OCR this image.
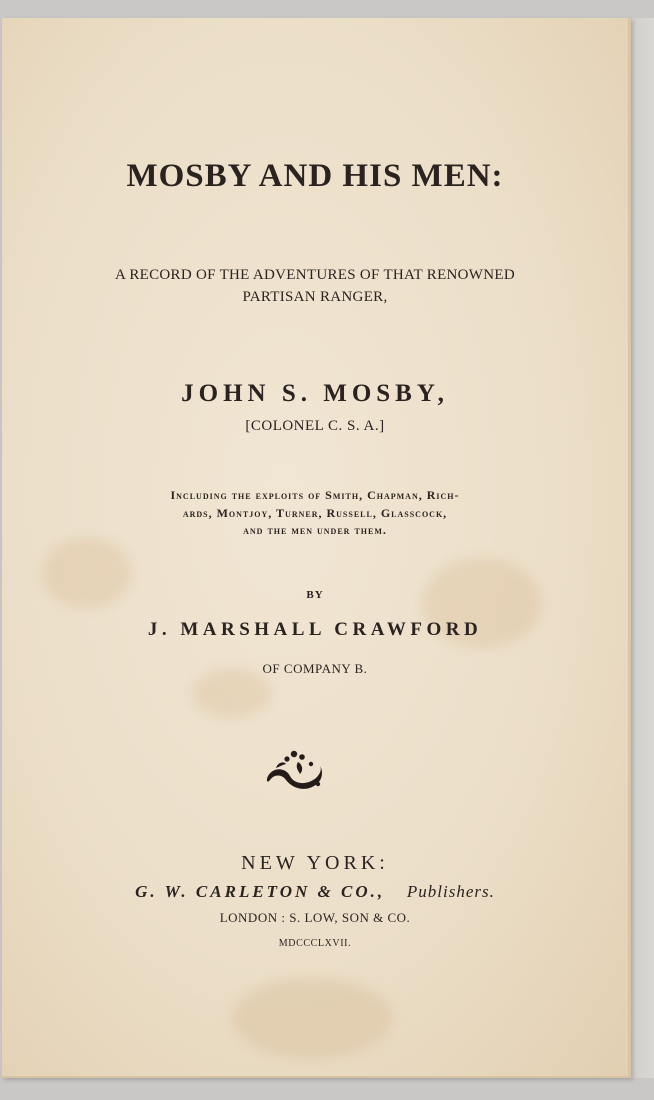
MOSBY AND HIS MEN:
A RECORD OF THE ADVENTURES OF THAT RENOWNED
PARTISAN RANGER,
JOHN S. MOSBY,
[COLONEL C. S. A.]
Including the exploits of Smith, Chapman, Rich-
ards, Montjoy, Turner, Russell, Glasscock,
and the men under them.
BY
J. MARSHALL CRAWFORD
OF COMPANY B.
NEW YORK:
G. W. CARLETON & CO., Publishers.
LONDON : S. LOW, SON & CO.
MDCCCLXVII.
